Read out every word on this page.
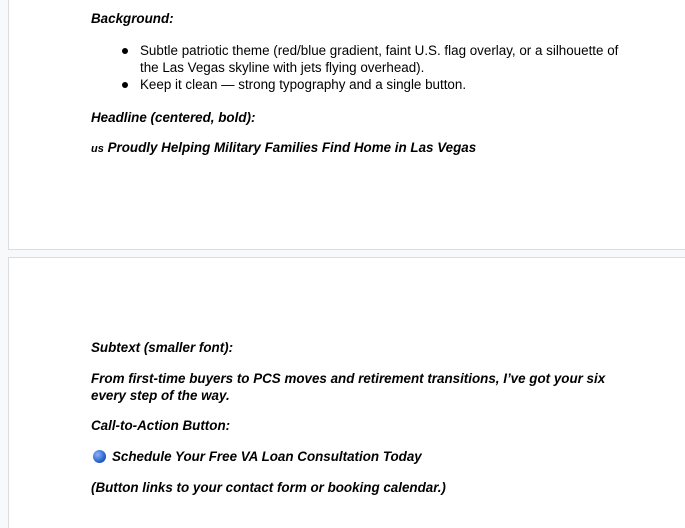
Background:

Subtle patriotic theme (red/blue gradient, faint U.S. flag overlay, or a silhouette of
the Las Vegas skyline with jets flying overhead).
Keep it clean — strong typography and a single button.

Headline (centered, bold):

us Proudly Helping Military Families Find Home in Las Vegas

Subtext (smaller font):

From first-time buyers to PCS moves and retirement transitions, I’ve got your six

every step of the way.

Call-to-Action Button:

Schedule Your Free VA Loan Consultation Today

(Button links to your contact form or booking calendar.)
